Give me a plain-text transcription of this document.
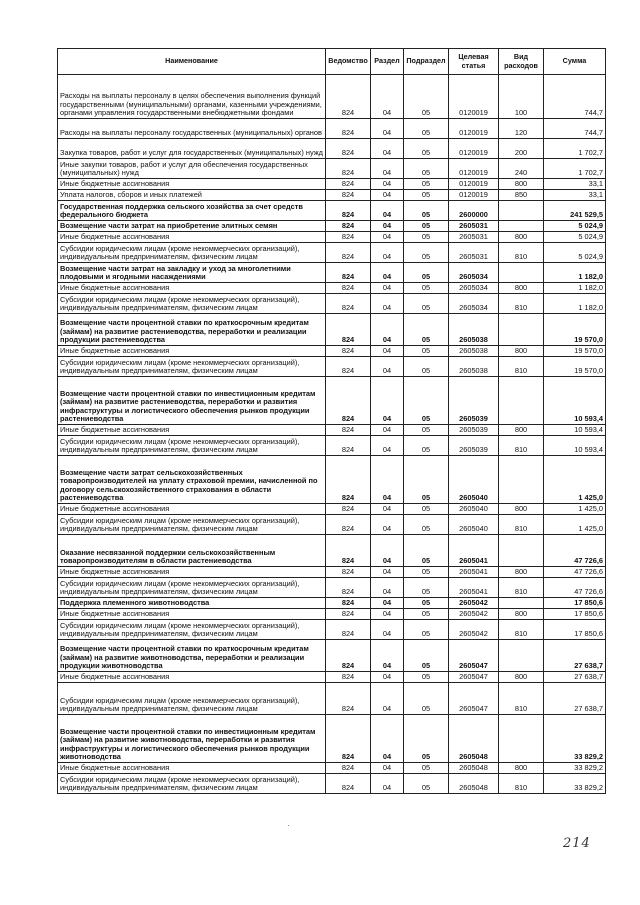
Наименование	Ведомство	Раздел	Подраздел	Целевая статья	Вид расходов	Сумма
Расходы на выплаты персоналу в целях обеспечения выполнения функций государственными (муниципальными) органами, казенными учреждениями, органами управления государственными внебюджетными фондами	824	04	05	0120019	100	744,7
Расходы на выплаты персоналу государственных (муниципальных) органов	824	04	05	0120019	120	744,7
Закупка товаров, работ и услуг для государственных (муниципальных) нужд	824	04	05	0120019	200	1 702,7
Иные закупки товаров, работ и услуг для обеспечения государственных (муниципальных) нужд	824	04	05	0120019	240	1 702,7
Иные бюджетные ассигнования	824	04	05	0120019	800	33,1
Уплата налогов, сборов и иных платежей	824	04	05	0120019	850	33,1
Государственная поддержка сельского хозяйства за счет средств федерального бюджета	824	04	05	2600000		241 529,5
Возмещение части затрат на приобретение элитных семян	824	04	05	2605031		5 024,9
Иные бюджетные ассигнования	824	04	05	2605031	800	5 024,9
Субсидии юридическим лицам (кроме некоммерческих организаций), индивидуальным предпринимателям, физическим лицам	824	04	05	2605031	810	5 024,9
Возмещение части затрат на закладку и уход за многолетними плодовыми и ягодными насаждениями	824	04	05	2605034		1 182,0
Иные бюджетные ассигнования	824	04	05	2605034	800	1 182,0
Субсидии юридическим лицам (кроме некоммерческих организаций), индивидуальным предпринимателям, физическим лицам	824	04	05	2605034	810	1 182,0
Возмещение части процентной ставки по краткосрочным кредитам (займам) на развитие растениеводства, переработки и реализации продукции растениеводства	824	04	05	2605038		19 570,0
Иные бюджетные ассигнования	824	04	05	2605038	800	19 570,0
Субсидии юридическим лицам (кроме некоммерческих организаций), индивидуальным предпринимателям, физическим лицам	824	04	05	2605038	810	19 570,0
Возмещение части процентной ставки по инвестиционным кредитам (займам) на развитие растениеводства, переработки и развития инфраструктуры и логистического обеспечения рынков продукции растениеводства	824	04	05	2605039		10 593,4
Иные бюджетные ассигнования	824	04	05	2605039	800	10 593,4
Субсидии юридическим лицам (кроме некоммерческих организаций), индивидуальным предпринимателям, физическим лицам	824	04	05	2605039	810	10 593,4
Возмещение части затрат сельскохозяйственных товаропроизводителей на уплату страховой премии, начисленной по договору сельскохозяйственного страхования в области растениеводства	824	04	05	2605040		1 425,0
Иные бюджетные ассигнования	824	04	05	2605040	800	1 425,0
Субсидии юридическим лицам (кроме некоммерческих организаций), индивидуальным предпринимателям, физическим лицам	824	04	05	2605040	810	1 425,0
Оказание несвязанной поддержки сельскохозяйственным товаропроизводителям в области растениеводства	824	04	05	2605041		47 726,6
Иные бюджетные ассигнования	824	04	05	2605041	800	47 726,6
Субсидии юридическим лицам (кроме некоммерческих организаций), индивидуальным предпринимателям, физическим лицам	824	04	05	2605041	810	47 726,6
Поддержка племенного животноводства	824	04	05	2605042		17 850,6
Иные бюджетные ассигнования	824	04	05	2605042	800	17 850,6
Субсидии юридическим лицам (кроме некоммерческих организаций), индивидуальным предпринимателям, физическим лицам	824	04	05	2605042	810	17 850,6
Возмещение части процентной ставки по краткосрочным кредитам (займам) на развитие животноводства, переработки и реализации продукции животноводства	824	04	05	2605047		27 638,7
Иные бюджетные ассигнования	824	04	05	2605047	800	27 638,7
Субсидии юридическим лицам (кроме некоммерческих организаций), индивидуальным предпринимателям, физическим лицам	824	04	05	2605047	810	27 638,7
Возмещение части процентной ставки по инвестиционным кредитам (займам) на развитие животноводства, переработки и развития инфраструктуры и логистического обеспечения рынков продукции животноводства	824	04	05	2605048		33 829,2
Иные бюджетные ассигнования	824	04	05	2605048	800	33 829,2
Субсидии юридическим лицам (кроме некоммерческих организаций), индивидуальным предпринимателям, физическим лицам	824	04	05	2605048	810	33 829,2
·
214
